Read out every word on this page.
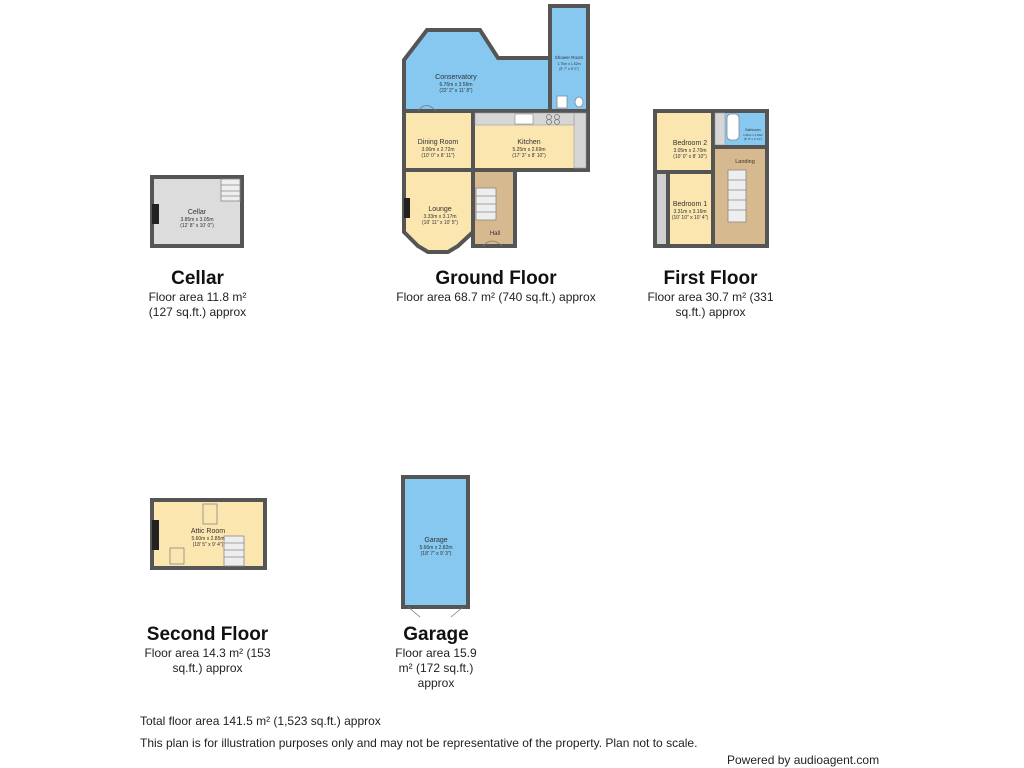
Cellar
3.85m x 3.05m
(12' 8" x 10' 0")
Conservatory
6.76m x 3.56m
(22' 2" x 11' 8")
Shower Room
1.70m x 1.52m
(5' 7" x 5' 0")
Dining Room
3.06m x 2.72m
(10' 0" x 8' 11")
Kitchen
5.25m x 2.69m
(17' 3" x 8' 10")
Lounge
3.33m x 3.17m
(10' 11" x 10' 5")
Hall
Bedroom 2
3.05m x 2.70m
(10' 0" x 8' 10")
Bathroom
1.60m x 1.50m
(5' 3" x 4' 11")
Landing
Bedroom 1
3.31m x 3.16m
(10' 10" x 10' 4")
Attic Room
5.60m x 2.85m
(18' 5" x 9' 4")
Garage
5.66m x 2.82m
(18' 7" x 9' 3")
Cellar
Floor area 11.8 m² (127 sq.ft.) approx
Ground Floor
Floor area 68.7 m² (740 sq.ft.) approx
First Floor
Floor area 30.7 m² (331 sq.ft.) approx
Second Floor
Floor area 14.3 m² (153 sq.ft.) approx
Garage
Floor area 15.9 m² (172 sq.ft.) approx
Total floor area 141.5 m² (1,523 sq.ft.) approx
This plan is for illustration purposes only and may not be representative of the property. Plan not to scale.
Powered by audioagent.com
